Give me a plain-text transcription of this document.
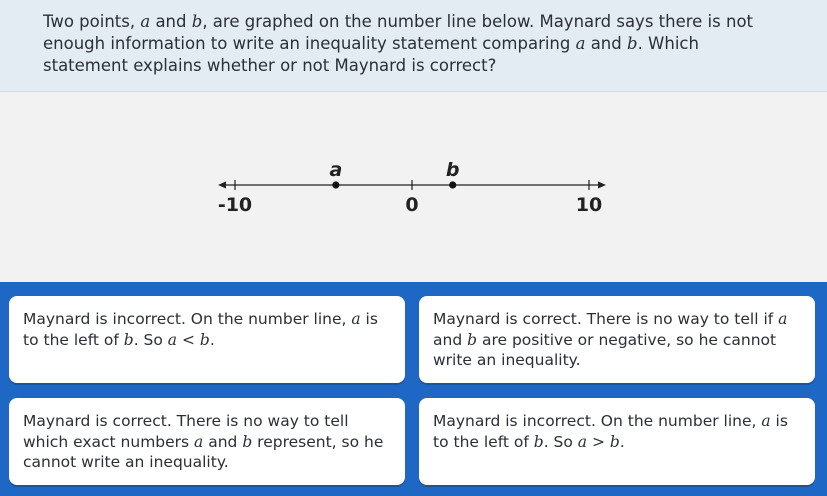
Two points, a and b, are graphed on the number line below. Maynard says there is not enough information to write an inequality statement comparing a and b. Which statement explains whether or not Maynard is correct?
-10	0	10
a	b
Maynard is incorrect. On the number line, a is to the left of b. So a < b.
Maynard is correct. There is no way to tell if a and b are positive or negative, so he cannot write an inequality.
Maynard is correct. There is no way to tell which exact numbers a and b represent, so he cannot write an inequality.
Maynard is incorrect. On the number line, a is to the left of b. So a > b.
